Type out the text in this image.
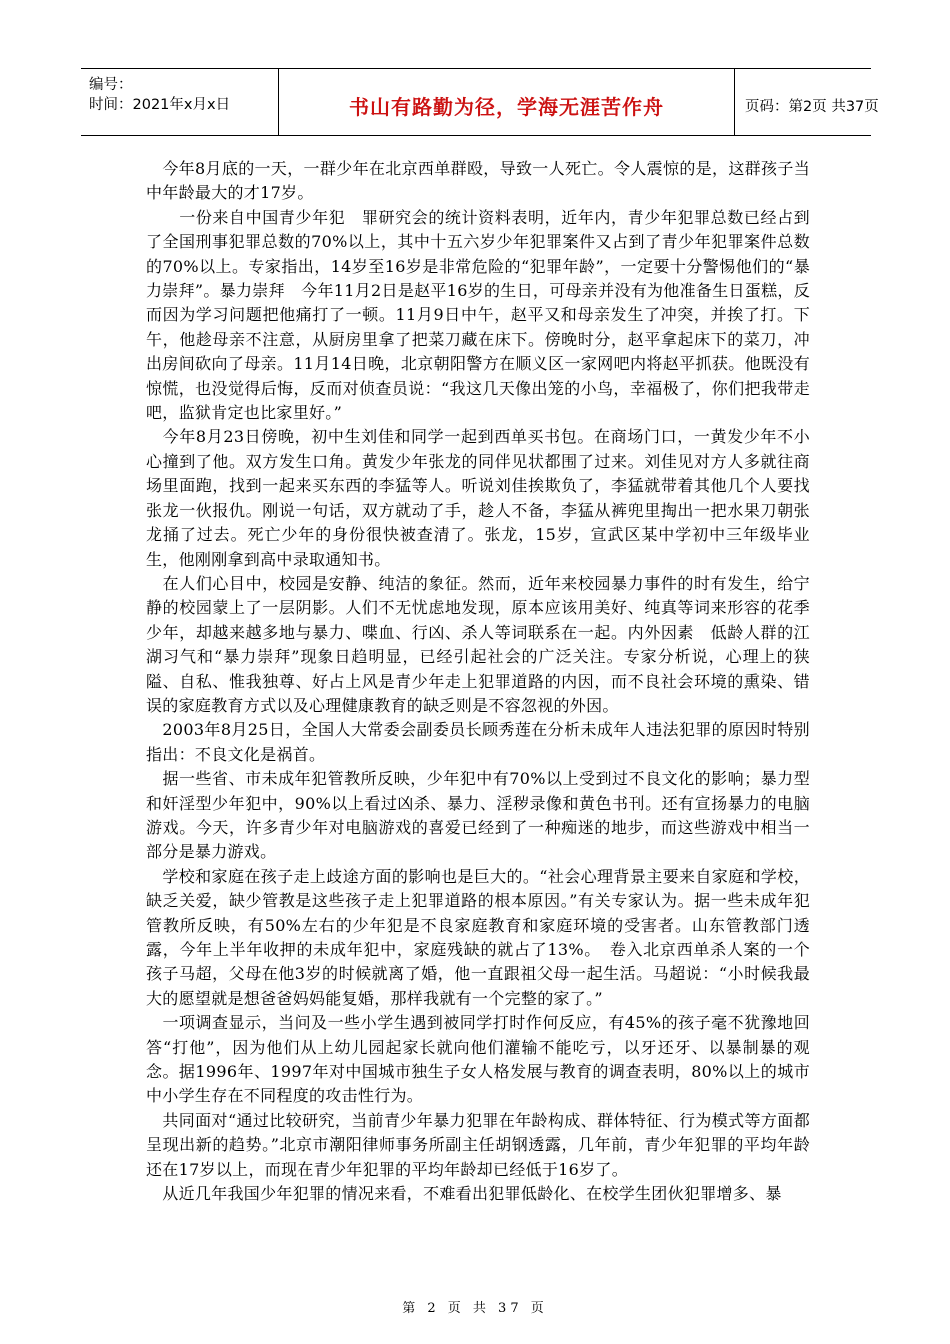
编号：
时间：2021年x月x日	书山有路勤为径，学海无涯苦作舟	页码：第2页 共37页

　今年8月底的一天，一群少年在北京西单群殴，导致一人死亡。令人震惊的是，这群孩子当中年龄最大的才17岁。

　　一份来自中国青少年犯　罪研究会的统计资料表明，近年内，青少年犯罪总数已经占到了全国刑事犯罪总数的70%以上，其中十五六岁少年犯罪案件又占到了青少年犯罪案件总数的70%以上。专家指出，14岁至16岁是非常危险的“犯罪年龄”，一定要十分警惕他们的“暴力崇拜”。暴力崇拜　今年11月2日是赵平16岁的生日，可母亲并没有为他准备生日蛋糕，反而因为学习问题把他痛打了一顿。11月9日中午，赵平又和母亲发生了冲突，并挨了打。下午，他趁母亲不注意，从厨房里拿了把菜刀藏在床下。傍晚时分，赵平拿起床下的菜刀，冲出房间砍向了母亲。11月14日晚，北京朝阳警方在顺义区一家网吧内将赵平抓获。他既没有惊慌，也没觉得后悔，反而对侦查员说：“我这几天像出笼的小鸟，幸福极了，你们把我带走吧，监狱肯定也比家里好。”

　今年8月23日傍晚，初中生刘佳和同学一起到西单买书包。在商场门口，一黄发少年不小心撞到了他。双方发生口角。黄发少年张龙的同伴见状都围了过来。刘佳见对方人多就往商场里面跑，找到一起来买东西的李猛等人。听说刘佳挨欺负了，李猛就带着其他几个人要找张龙一伙报仇。刚说一句话，双方就动了手，趁人不备，李猛从裤兜里掏出一把水果刀朝张龙捅了过去。死亡少年的身份很快被查清了。张龙，15岁，宣武区某中学初中三年级毕业生，他刚刚拿到高中录取通知书。

　在人们心目中，校园是安静、纯洁的象征。然而，近年来校园暴力事件的时有发生，给宁静的校园蒙上了一层阴影。人们不无忧虑地发现，原本应该用美好、纯真等词来形容的花季少年，却越来越多地与暴力、喋血、行凶、杀人等词联系在一起。内外因素　低龄人群的江湖习气和“暴力崇拜”现象日趋明显，已经引起社会的广泛关注。专家分析说，心理上的狭隘、自私、惟我独尊、好占上风是青少年走上犯罪道路的内因，而不良社会环境的熏染、错误的家庭教育方式以及心理健康教育的缺乏则是不容忽视的外因。

　2003年8月25日，全国人大常委会副委员长顾秀莲在分析未成年人违法犯罪的原因时特别指出：不良文化是祸首。

　据一些省、市未成年犯管教所反映，少年犯中有70%以上受到过不良文化的影响；暴力型和奸淫型少年犯中，90%以上看过凶杀、暴力、淫秽录像和黄色书刊。还有宣扬暴力的电脑游戏。今天，许多青少年对电脑游戏的喜爱已经到了一种痴迷的地步，而这些游戏中相当一部分是暴力游戏。

　学校和家庭在孩子走上歧途方面的影响也是巨大的。“社会心理背景主要来自家庭和学校，缺乏关爱，缺少管教是这些孩子走上犯罪道路的根本原因。”有关专家认为。据一些未成年犯管教所反映，有50%左右的少年犯是不良家庭教育和家庭环境的受害者。山东管教部门透露，今年上半年收押的未成年犯中，家庭残缺的就占了13%。　卷入北京西单杀人案的一个孩子马超，父母在他3岁的时候就离了婚，他一直跟祖父母一起生活。马超说：“小时候我最大的愿望就是想爸爸妈妈能复婚，那样我就有一个完整的家了。”

　一项调查显示，当问及一些小学生遇到被同学打时作何反应，有45%的孩子毫不犹豫地回答“打他”，因为他们从上幼儿园起家长就向他们灌输不能吃亏，以牙还牙、以暴制暴的观念。据1996年、1997年对中国城市独生子女人格发展与教育的调查表明，80%以上的城市中小学生存在不同程度的攻击性行为。

　共同面对“通过比较研究，当前青少年暴力犯罪在年龄构成、群体特征、行为模式等方面都呈现出新的趋势。”北京市潮阳律师事务所副主任胡钢透露，几年前，青少年犯罪的平均年龄还在17岁以上，而现在青少年犯罪的平均年龄却已经低于16岁了。

　从近几年我国少年犯罪的情况来看，不难看出犯罪低龄化、在校学生团伙犯罪增多、暴

第 2 页 共 37 页
